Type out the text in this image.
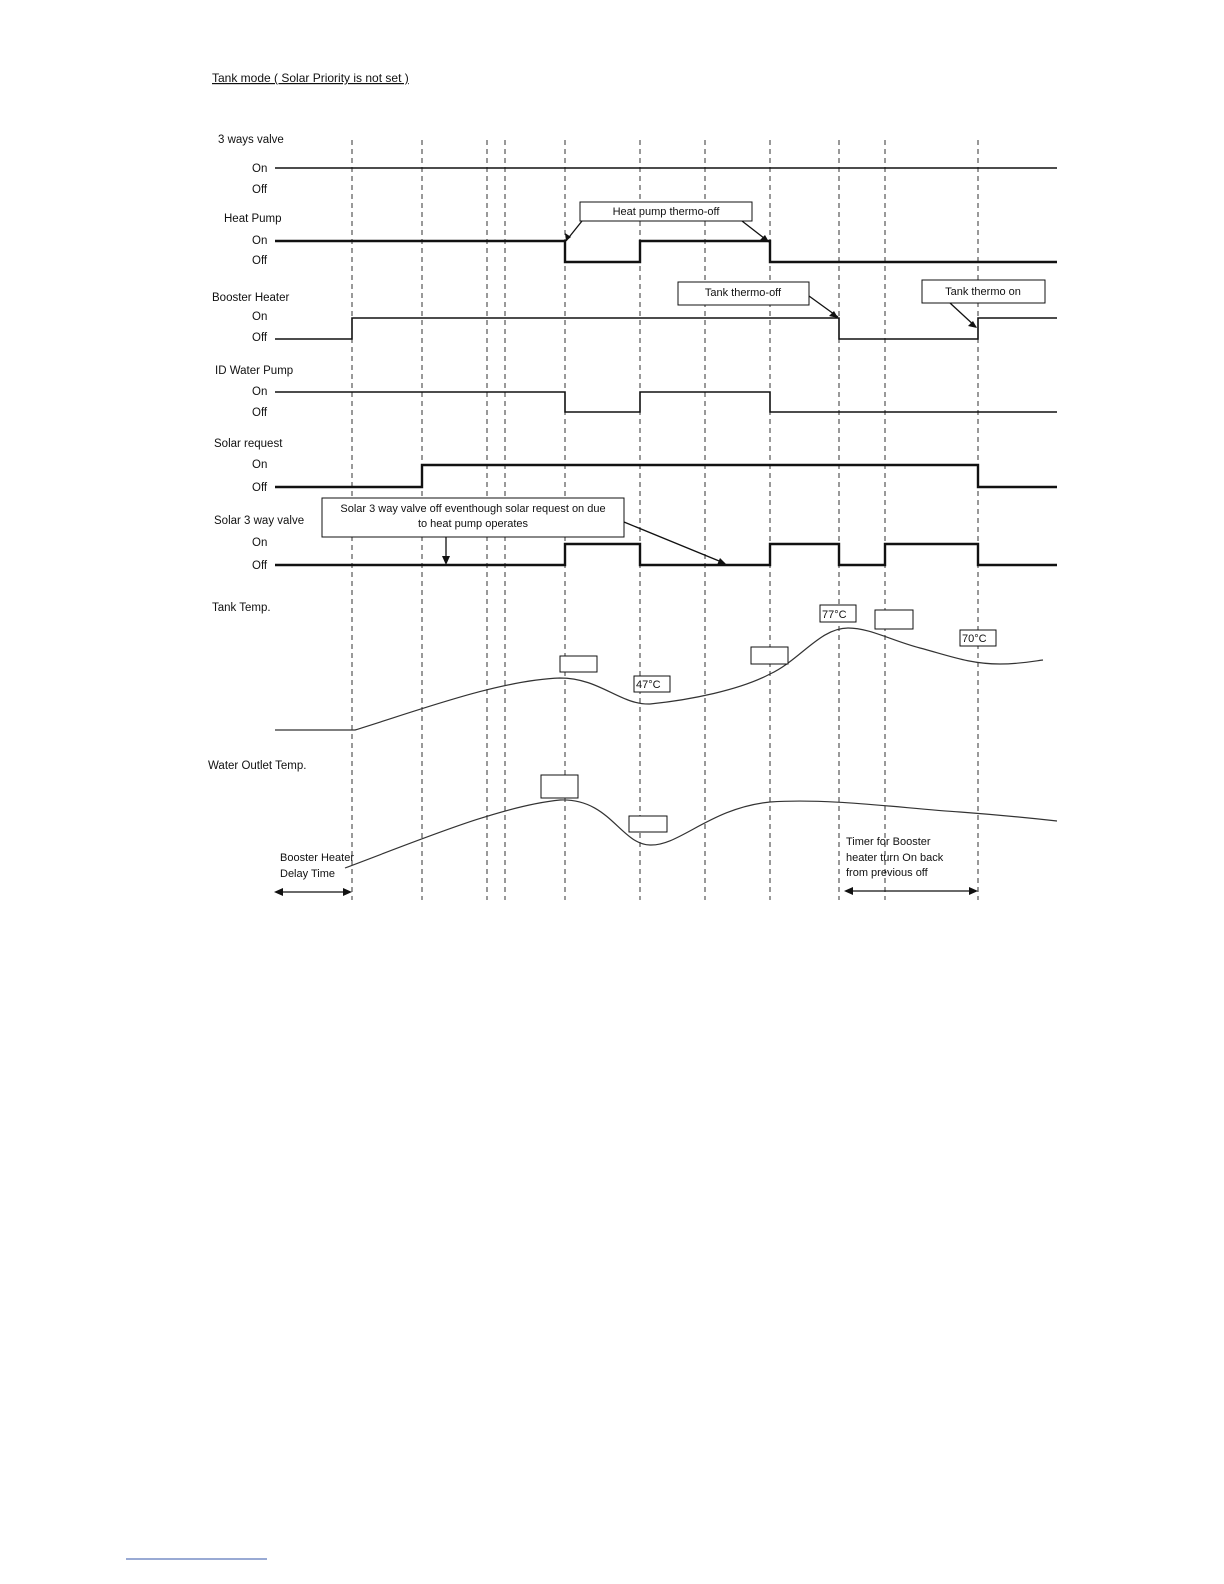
Tank mode ( Solar Priority is not set )
3 ways valve
On
Off
Heat Pump
On
Off
Heat pump thermo-off
Booster Heater
On
Off
Tank thermo-off	Tank thermo on
ID Water Pump
On
Off
Solar request
On
Off
Solar 3 way valve
On
Off
Solar 3 way valve off eventhough solar request on due
to heat pump operates
Tank Temp.
47°C
77°C
70°C
Water Outlet Temp.
Booster Heater
Delay Time
Timer for Booster
heater turn On back
from previous off
